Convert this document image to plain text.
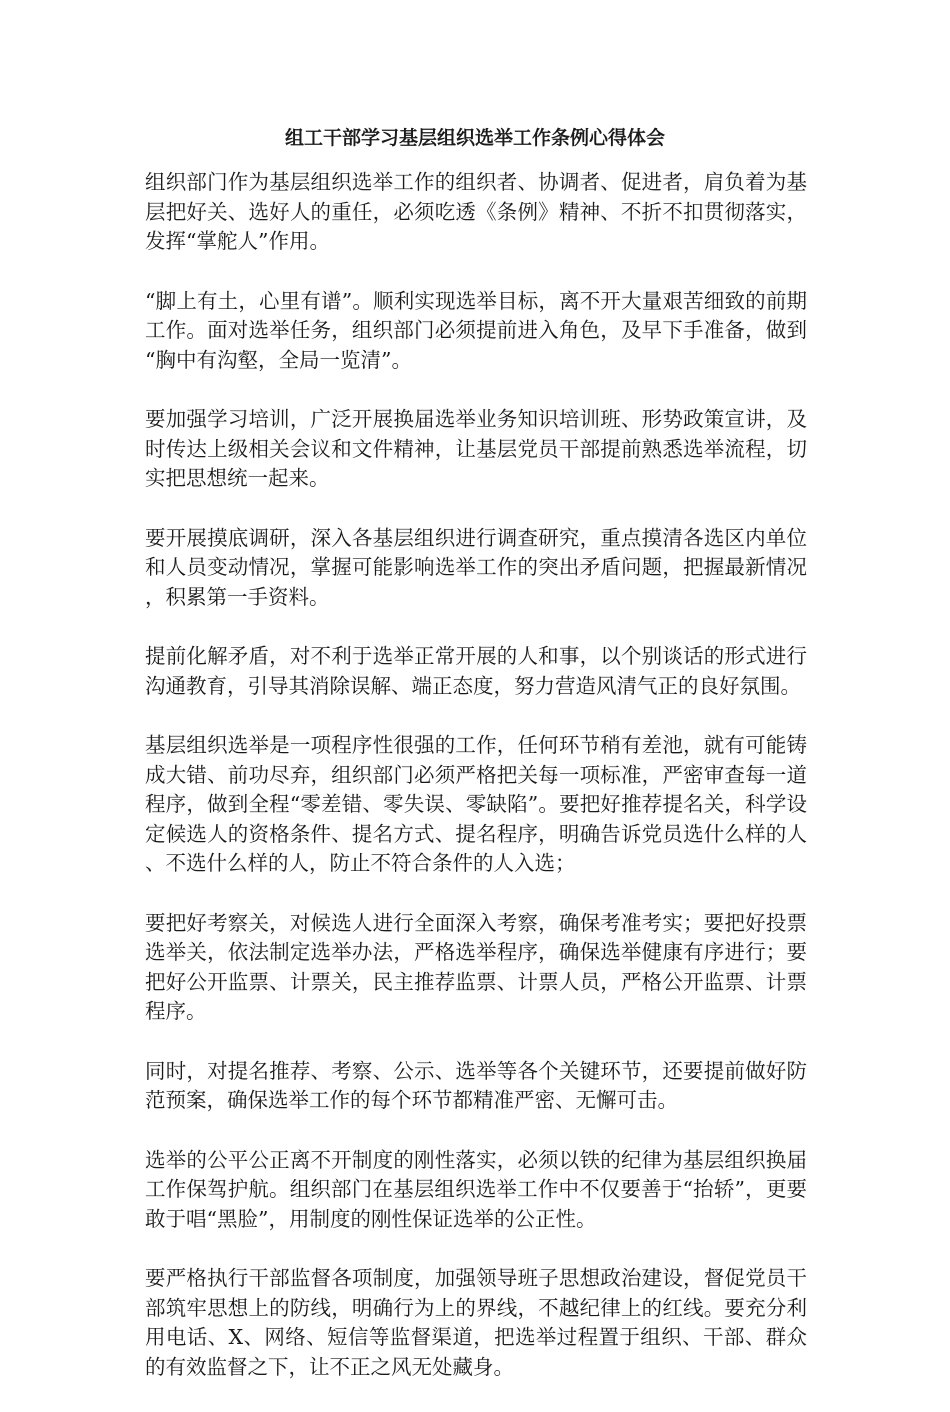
组工干部学习基层组织选举工作条例心得体会

组织部门作为基层组织选举工作的组织者、协调者、促进者，肩负着为基层把好关、选好人的重任，必须吃透《条例》精神、不折不扣贯彻落实，发挥“掌舵人”作用。

“脚上有土，心里有谱”。顺利实现选举目标，离不开大量艰苦细致的前期工作。面对选举任务，组织部门必须提前进入角色，及早下手准备，做到“胸中有沟壑，全局一览清”。

要加强学习培训，广泛开展换届选举业务知识培训班、形势政策宣讲，及时传达上级相关会议和文件精神，让基层党员干部提前熟悉选举流程，切实把思想统一起来。

要开展摸底调研，深入各基层组织进行调查研究，重点摸清各选区内单位和人员变动情况，掌握可能影响选举工作的突出矛盾问题，把握最新情况，积累第一手资料。

提前化解矛盾，对不利于选举正常开展的人和事，以个别谈话的形式进行沟通教育，引导其消除误解、端正态度，努力营造风清气正的良好氛围。

基层组织选举是一项程序性很强的工作，任何环节稍有差池，就有可能铸成大错、前功尽弃，组织部门必须严格把关每一项标准，严密审查每一道程序，做到全程“零差错、零失误、零缺陷”。要把好推荐提名关，科学设定候选人的资格条件、提名方式、提名程序，明确告诉党员选什么样的人、不选什么样的人，防止不符合条件的人入选；

要把好考察关，对候选人进行全面深入考察，确保考准考实；要把好投票选举关，依法制定选举办法，严格选举程序，确保选举健康有序进行；要把好公开监票、计票关，民主推荐监票、计票人员，严格公开监票、计票程序。

同时，对提名推荐、考察、公示、选举等各个关键环节，还要提前做好防范预案，确保选举工作的每个环节都精准严密、无懈可击。

选举的公平公正离不开制度的刚性落实，必须以铁的纪律为基层组织换届工作保驾护航。组织部门在基层组织选举工作中不仅要善于“抬轿”，更要敢于唱“黑脸”，用制度的刚性保证选举的公正性。

要严格执行干部监督各项制度，加强领导班子思想政治建设，督促党员干部筑牢思想上的防线，明确行为上的界线，不越纪律上的红线。要充分利用电话、X、网络、短信等监督渠道，把选举过程置于组织、干部、群众的有效监督之下，让不正之风无处藏身。
